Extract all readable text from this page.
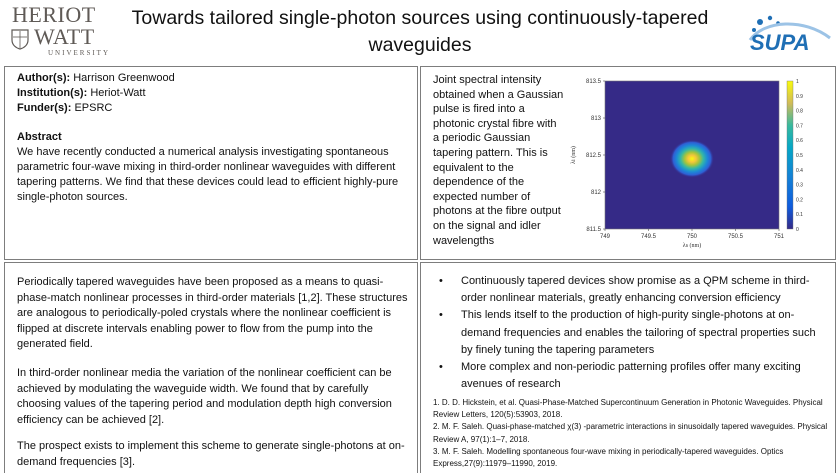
HERIOT
WATT
UNIVERSITY
Towards tailored single-photon sources using continuously-tapered
waveguides	SUPA
Author(s): Harrison Greenwood
Institution(s): Heriot-Watt
Funder(s): EPSRC
Abstract
We have recently conducted a numerical analysis investigating spontaneous parametric four-wave mixing in third-order nonlinear waveguides with different tapering patterns. We find that these devices could lead to efficient highly-pure single-photon sources.
Joint spectral intensity obtained when a Gaussian pulse is fired into a photonic crystal fibre with a periodic Gaussian tapering pattern. This is equivalent to the dependence of the expected number of photons at the fibre output on the signal and idler wavelengths	749	749.5	750	750.5	751
813.5
813
812.5
812
811.5
λs (nm)
λi (nm)
1
0.9
0.8
0.7
0.6
0.5
0.4
0.3
0.2
0.1
0

Periodically tapered waveguides have been proposed as a means to quasi-phase-match nonlinear processes in third-order materials [1,2]. These structures are analogous to periodically-poled crystals where the nonlinear coefficient is flipped at discrete intervals enabling power to flow from the pump into the generated field.

In third-order nonlinear media the variation of the nonlinear coefficient can be achieved by modulating the waveguide width. We found that by carefully choosing values of the tapering period and modulation depth high conversion efficiency can be achieved [2].

The prospect exists to implement this scheme to generate single-photons at on-demand frequencies [3].

• Continuously tapered devices show promise as a QPM scheme in third-order nonlinear materials, greatly enhancing conversion efficiency
• This lends itself to the production of high-purity single-photons at on-demand frequencies and enables the tailoring of spectral properties such by finely tuning the tapering parameters
• More complex and non-periodic patterning profiles offer many exciting avenues of research
1. D. D. Hickstein, et al. Quasi-Phase-Matched Supercontinuum Generation in Photonic Waveguides. Physical Review Letters, 120(5):53903, 2018.
2. M. F. Saleh. Quasi-phase-matched χ(3) -parametric interactions in sinusoidally tapered waveguides. Physical Review A, 97(1):1–7, 2018.
3. M. F. Saleh. Modelling spontaneous four-wave mixing in periodically-tapered waveguides. Optics Express,27(9):11979–11990, 2019.
